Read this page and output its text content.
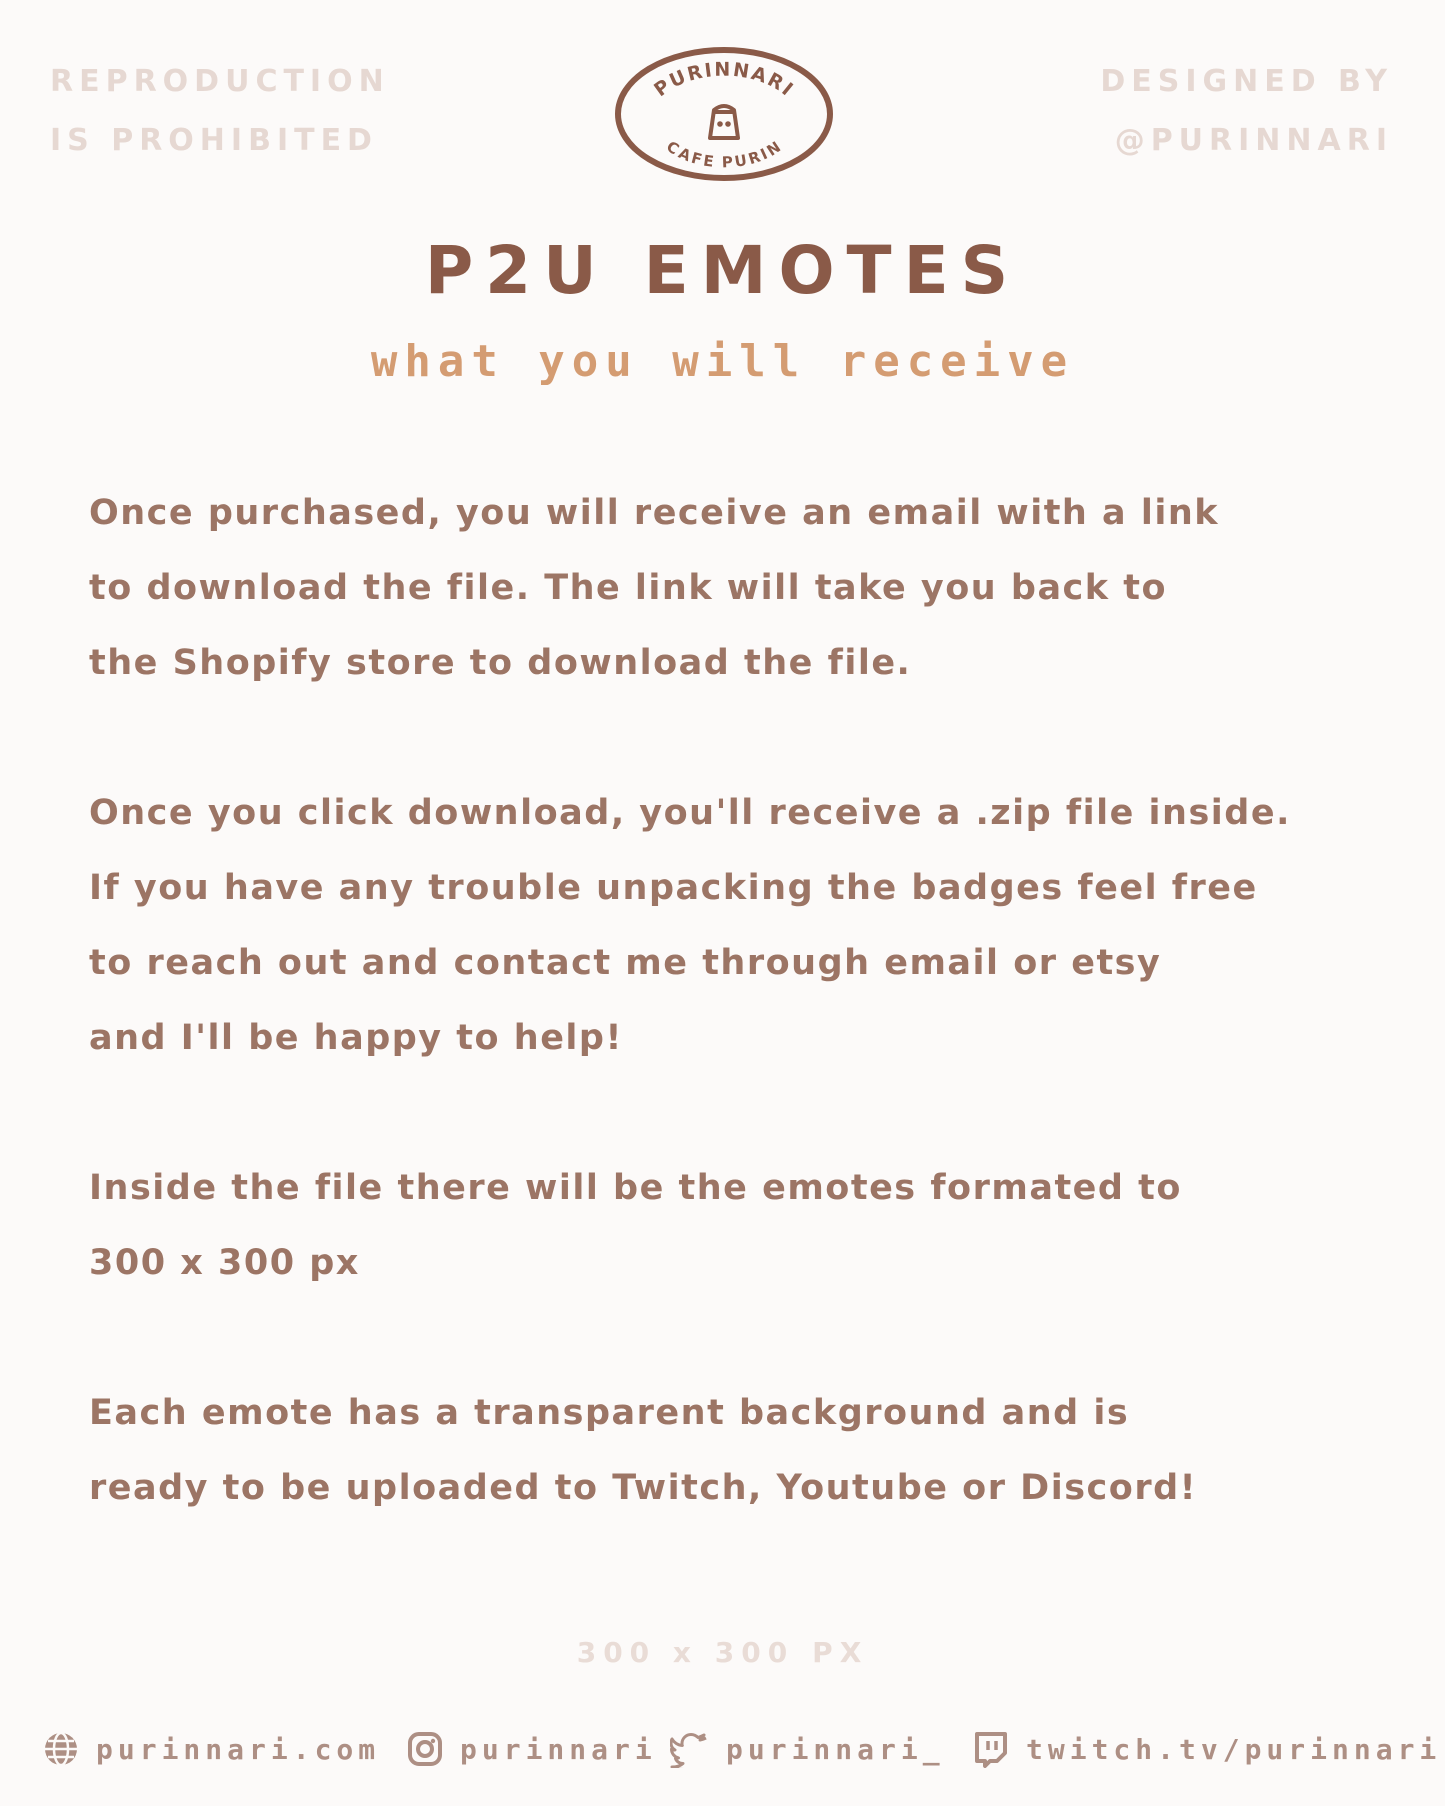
REPRODUCTION
IS PROHIBITED
DESIGNED BY
@PURINNARI
PURINNARI
CAFE PURIN
P2U EMOTES
what you will receive
Once purchased, you will receive an email with a link
to download the file. The link will take you back to
the Shopify store to download the file.
Once you click download, you'll receive a .zip file inside.
If you have any trouble unpacking the badges feel free
to reach out and contact me through email or etsy
and I'll be happy to help!
Inside the file there will be the emotes formated to
300 x 300 px
Each emote has a transparent background and is
ready to be uploaded to Twitch, Youtube or Discord!
300 x 300 PX
purinnari.com	purinnari purinnari_	twitch.tv/purinnari
